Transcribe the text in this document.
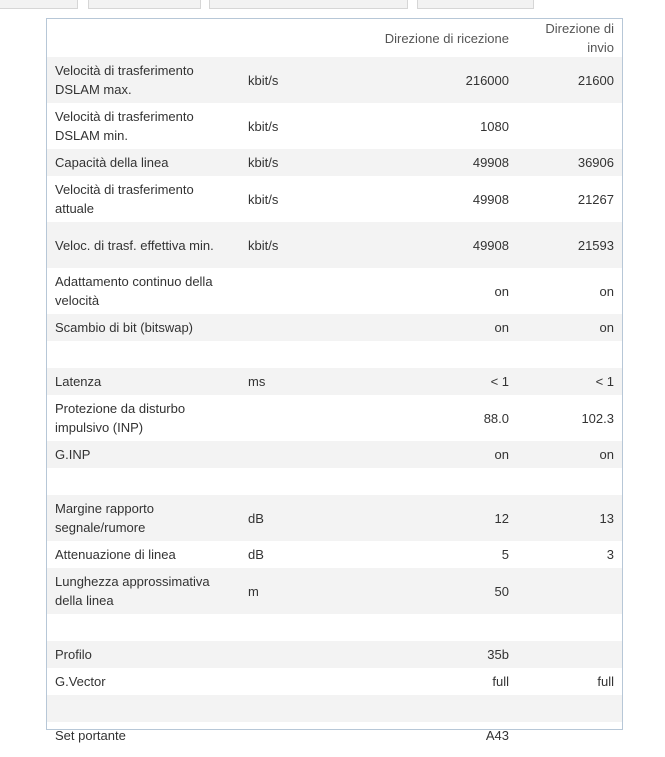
		Direzione di ricezione	Direzione di invio
Velocità di trasferimento DSLAM max.	kbit/s	216000	21600
Velocità di trasferimento DSLAM min.	kbit/s	1080	
Capacità della linea	kbit/s	49908	36906
Velocità di trasferimento attuale	kbit/s	49908	21267
Veloc. di trasf. effettiva min.	kbit/s	49908	21593
Adattamento continuo della velocità		on	on
Scambio di bit (bitswap)		on	on

Latenza	ms	< 1	< 1
Protezione da disturbo impulsivo (INP)		88.0	102.3
G.INP		on	on

Margine rapporto segnale/rumore	dB	12	13
Attenuazione di linea	dB	5	3
Lunghezza approssimativa della linea	m	50	

Profilo		35b	
G.Vector		full	full

Set portante		A43	
